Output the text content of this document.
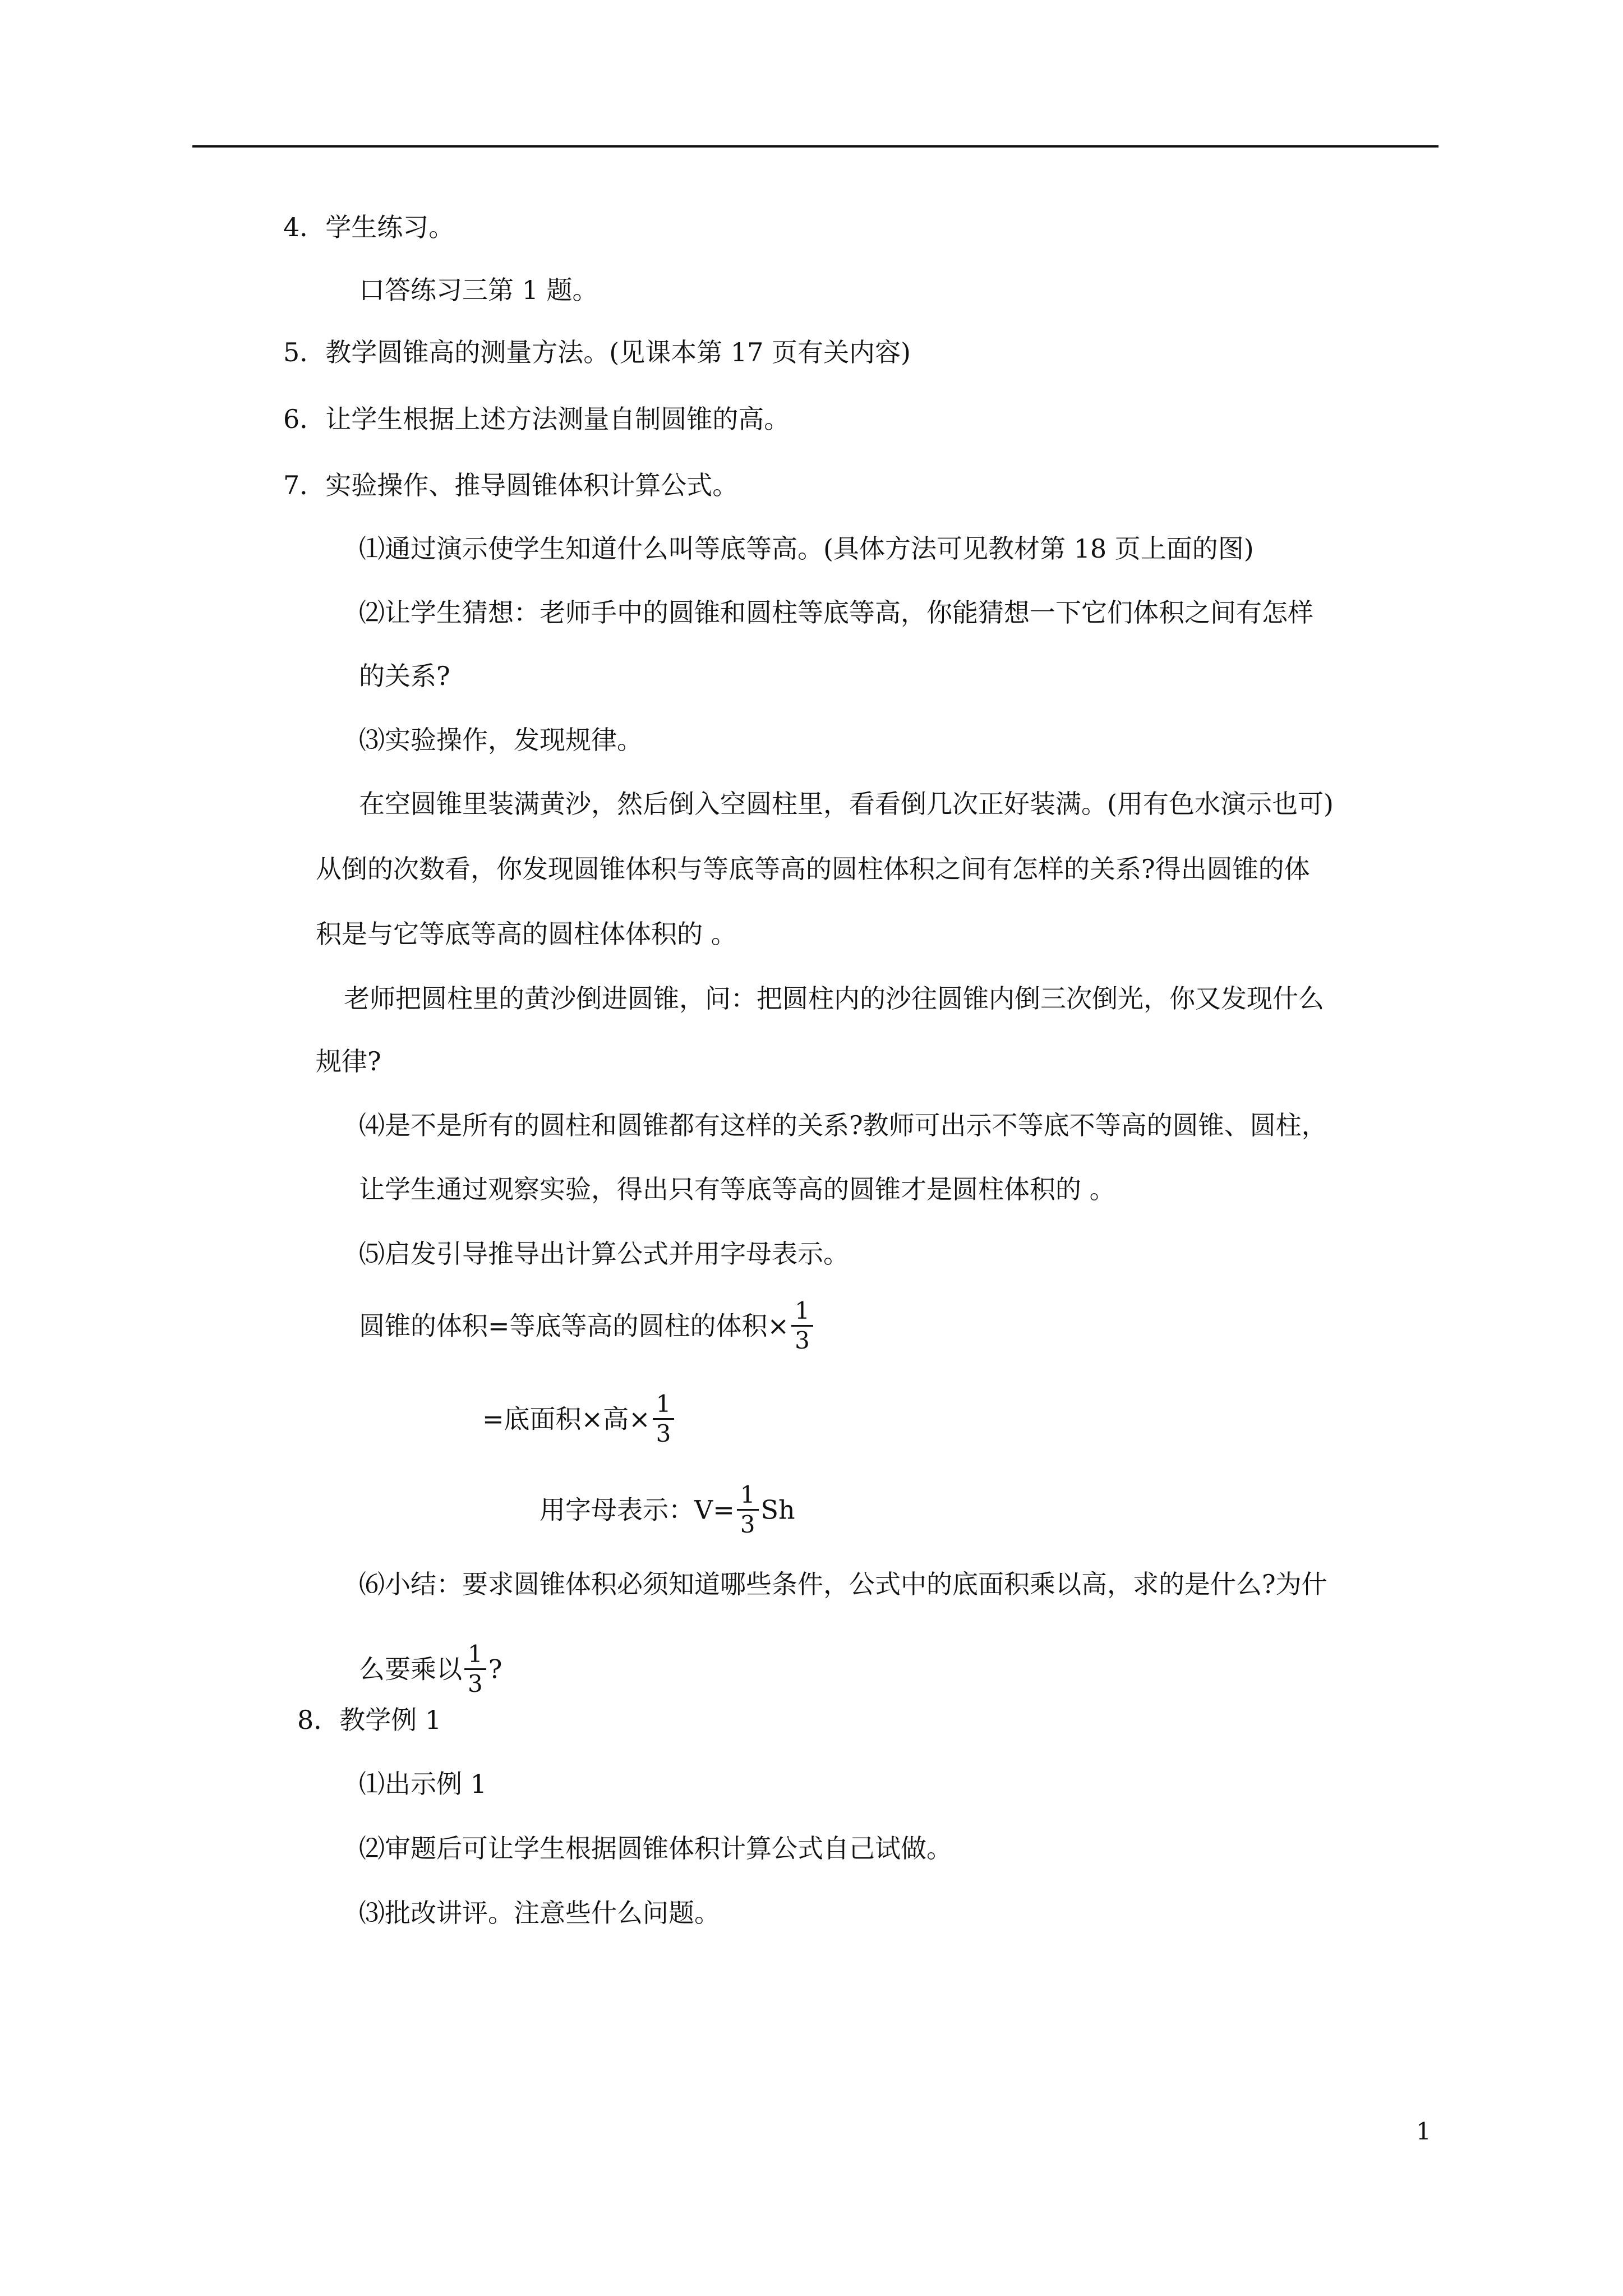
4．学生练习。
口答练习三第 1 题。
5．教学圆锥高的测量方法。(见课本第 17 页有关内容)
6．让学生根据上述方法测量自制圆锥的高。
7．实验操作、推导圆锥体积计算公式。
⑴通过演示使学生知道什么叫等底等高。(具体方法可见教材第 18 页上面的图)
⑵让学生猜想：老师手中的圆锥和圆柱等底等高，你能猜想一下它们体积之间有怎样
的关系?
⑶实验操作，发现规律。
在空圆锥里装满黄沙，然后倒入空圆柱里，看看倒几次正好装满。(用有色水演示也可)
从倒的次数看，你发现圆锥体积与等底等高的圆柱体积之间有怎样的关系?得出圆锥的体
积是与它等底等高的圆柱体体积的 。
老师把圆柱里的黄沙倒进圆锥，问：把圆柱内的沙往圆锥内倒三次倒光，你又发现什么
规律?
⑷是不是所有的圆柱和圆锥都有这样的关系?教师可出示不等底不等高的圆锥、圆柱，
让学生通过观察实验，得出只有等底等高的圆锥才是圆柱体积的 。
⑸启发引导推导出计算公式并用字母表示。
圆锥的体积=等底等高的圆柱的体积× $\frac{1}{3}$
=底面积×高× $\frac{1}{3}$
用字母表示：$V= \frac{1}{3}$ Sh
⑹小结：要求圆锥体积必须知道哪些条件，公式中的底面积乘以高，求的是什么?为什
么要乘以 $\frac{1}{3}$ ?
8．教学例 1
⑴出示例 1
⑵审题后可让学生根据圆锥体积计算公式自己试做。
⑶批改讲评。注意些什么问题。
1
